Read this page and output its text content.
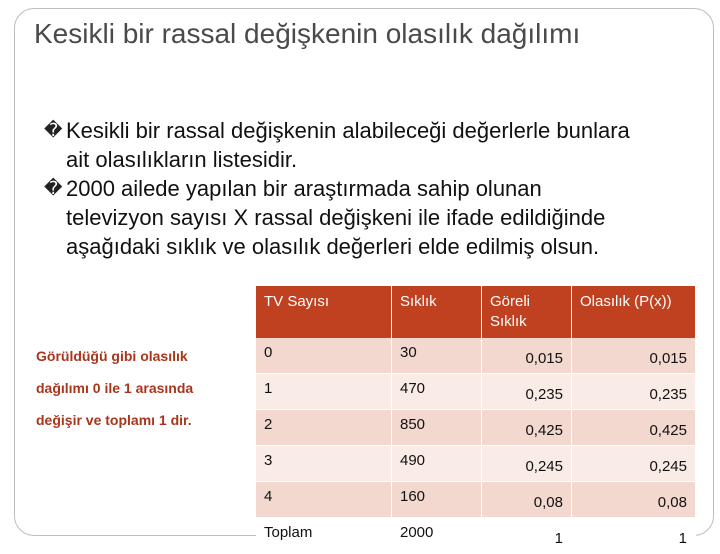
Kesikli bir rassal değişkenin olasılık dağılımı
� Kesikli bir rassal değişkenin alabileceği değerlerle bunlara ait olasılıkların listesidir.
� 2000 ailede yapılan bir araştırmada sahip olunan televizyon sayısı X rassal değişkeni ile ifade edildiğinde aşağıdaki sıklık ve olasılık değerleri elde edilmiş olsun.
Görüldüğü gibi olasılık
dağılımı 0 ile 1 arasında
değişir ve toplamı 1 dir.
TV Sayısı	Sıklık	Göreli Sıklık	Olasılık (P(x))
0	30	0,015	0,015
1	470	0,235	0,235
2	850	0,425	0,425
3	490	0,245	0,245
4	160	0,08	0,08
Toplam	2000	1	1
